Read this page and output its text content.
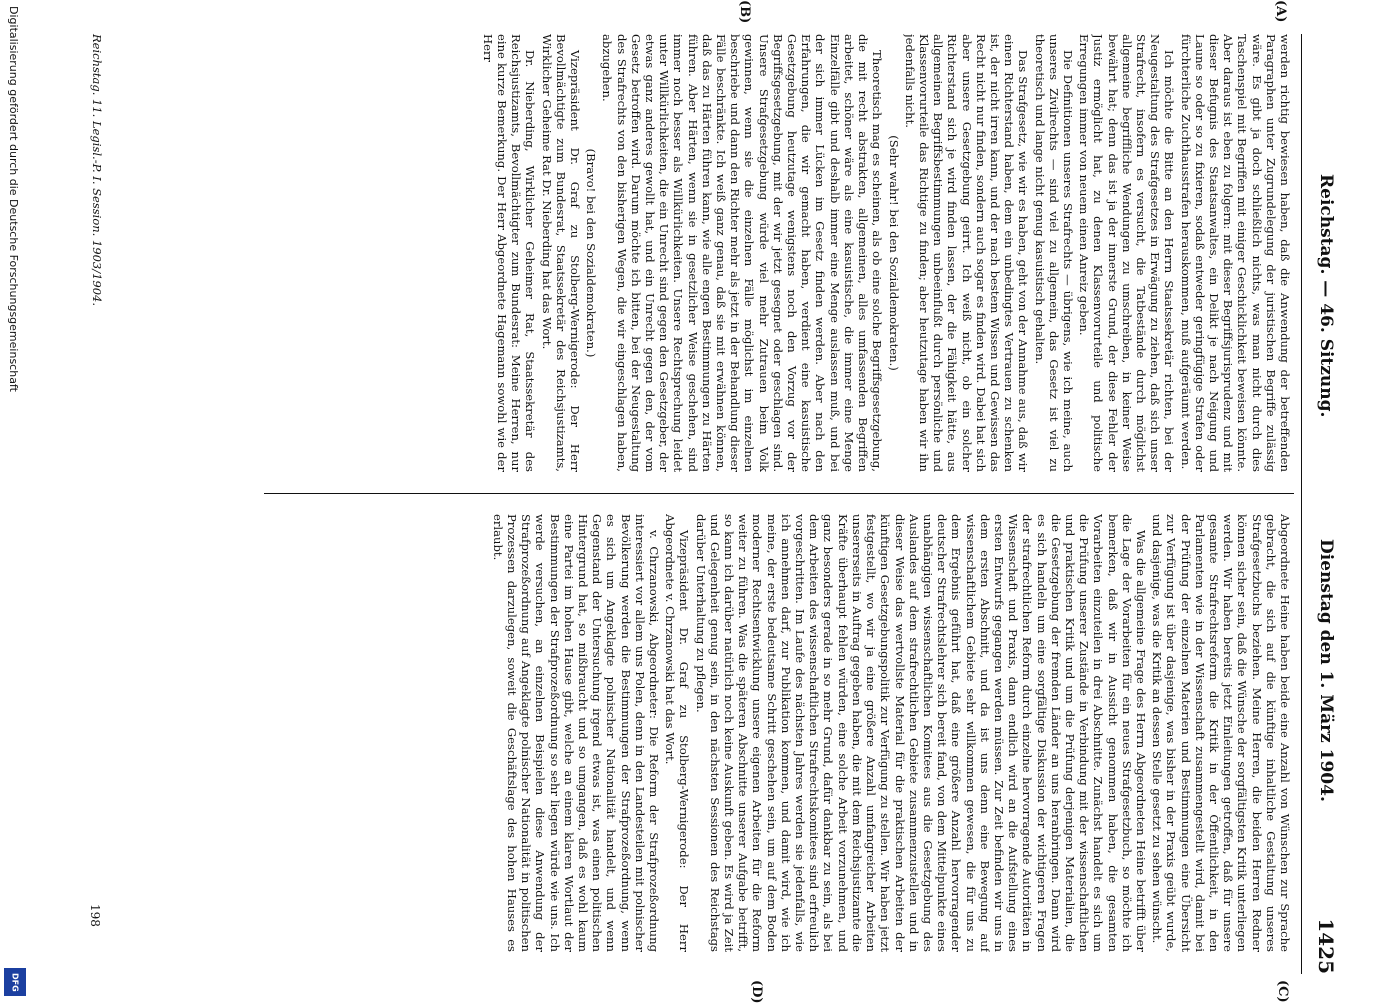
Reichstag. — 46. Sitzung.
Dienstag den 1. März 1904.
1425
(A)
(B)
(C)
(D)

werden richtig bewiesen haben, daß die Anwendung der betreffenden Paragraphen unter Zugrundelegung der juristischen Begriffe zulässig wäre. Es gibt ja doch schließlich nichts, was man nicht durch dies Taschenspiel mit Begriffen mit einiger Geschicklichkeit beweisen könnte. Aber daraus ist eben zu folgern: mit dieser Begriffsjurisprudenz und mit dieser Befugnis des Staatsanwaltes, ein Delikt je nach Neigung und Laune so oder so zu fixieren, sodaß entweder geringfügige Strafen oder fürchterliche Zuchthausstrafen herauskommen, muß aufgeräumt werden.

Ich möchte die Bitte an den Herrn Staatssekretär richten, bei der Neugestaltung des Strafgesetzes in Erwägung zu ziehen, daß sich unser Strafrecht, insofern es versucht, die Tatbestände durch möglichst allgemeine begriffliche Wendungen zu umschreiben, in keiner Weise bewährt hat; denn das ist ja der innerste Grund, der diese Fehler der Justiz ermöglicht hat, zu denen Klassenvorurteile und politische Erregungen immer von neuem einen Anreiz geben.

Die Definitionen unseres Strafrechts — übrigens, wie ich meine, auch unseres Zivilrechts — sind viel zu allgemein, das Gesetz ist viel zu theoretisch und lange nicht genug kasuistisch gehalten.

Das Strafgesetz, wie wir es haben, geht von der Annahme aus, daß wir einen Richterstand haben, dem ein unbedingtes Vertrauen zu schenken ist, der nicht irren kann, und der nach bestem Wissen und Gewissen das Recht nicht nur finden, sondern auch sogar es finden wird. Dabei hat sich aber unsere Gesetzgebung geirrt. Ich weiß nicht, ob ein solcher Richterstand sich je wird finden lassen, der die Fähigkeit hätte, aus allgemeinen Begriffsbestimmungen unbeeinflußt durch persönliche und Klassenvorurteile das Richtige zu finden; aber heutzutage haben wir ihn jedenfalls nicht.

(Sehr wahr! bei den Sozialdemokraten.)

Theoretisch mag es scheinen, als ob eine solche Begriffsgesetzgebung, die mit recht abstrakten, allgemeinen, alles umfassenden Begriffen arbeitet, schöner wäre als eine kasuistische, die immer eine Menge Einzelfälle gibt und deshalb immer eine Menge auslassen muß, und bei der sich immer Lücken im Gesetz finden werden. Aber nach den Erfahrungen, die wir gemacht haben, verdient eine kasuistische Gesetzgebung heutzutage wenigstens noch den Vorzug vor der Begriffsgesetzgebung, mit der wir jetzt gesegnet oder geschlagen sind. Unsere Strafgesetzgebung würde viel mehr Zutrauen beim Volk gewinnen, wenn sie die einzelnen Fälle möglichst im einzelnen beschriebe und dann den Richter mehr als jetzt in der Behandlung dieser Fälle beschränkte. Ich weiß ganz genau, daß sie mit erwähnen können, daß das zu Härten führen kann, wie alle engen Bestimmungen zu Härten führen. Aber Härten, wenn sie in gesetzlicher Weise geschehen, sind immer noch besser als Willkürlichkeiten. Unsere Rechtsprechung leidet unter Willkürlichkeiten, die ein Unrecht sind gegen den Gesetzgeber, der etwas ganz anderes gewollt hat, und ein Unrecht gegen den, der vom Gesetz betroffen wird. Darum möchte ich bitten, bei der Neugestaltung des Strafrechts von den bisherigen Wegen, die wir eingeschlagen haben, abzugehen.

(Bravo! bei den Sozialdemokraten.)

Vizepräsident Dr. Graf zu Stolberg-Wernigerode: Der Herr Bevollmächtigte zum Bundesrat, Staatssekretär des Reichsjustizamts, Wirklicher Geheime Rat Dr. Nieberding hat das Wort.

Dr. Nieberding, Wirklicher Geheimer Rat, Staatssekretär des Reichsjustizamts, Bevollmächtigter zum Bundesrat: Meine Herren, nur eine kurze Bemerkung. Der Herr Abgeordnete Hagemann sowohl wie der Herr

Abgeordnete Heine haben beide eine Anzahl von Wünschen zur Sprache gebracht, die sich auf die künftige inhaltliche Gestaltung unseres Strafgesetzbuchs beziehen. Meine Herren, die beiden Herren Redner können sicher sein, daß die Wünsche der sorgfältigsten Kritik unterliegen werden. Wir haben bereits jetzt Einleitungen getroffen, daß für unsere gesamte Strafrechtsreform die Kritik in der Öffentlichkeit, in den Parlamenten wie in der Wissenschaft zusammengestellt wird, damit bei der Prüfung der einzelnen Materien und Bestimmungen eine Übersicht zur Verfügung ist über dasjenige, was bisher in der Praxis geübt wurde, und dasjenige, was die Kritik an dessen Stelle gesetzt zu sehen wünscht.

Was die allgemeine Frage des Herrn Abgeordneten Heine betrifft über die Lage der Vorarbeiten für ein neues Strafgesetzbuch, so möchte ich bemerken, daß wir in Aussicht genommen haben, die gesamten Vorarbeiten einzuteilen in drei Abschnitte. Zunächst handelt es sich um die Prüfung unserer Zustände in Verbindung mit der wissenschaftlichen und praktischen Kritik und um die Prüfung derjenigen Materialien, die die Gesetzgebung der fremden Länder an uns heranbringen. Dann wird es sich handeln um eine sorgfältige Diskussion der wichtigeren Fragen der strafrechtlichen Reform durch einzelne hervorragende Autoritäten in Wissenschaft und Praxis, dann endlich wird an die Aufstellung eines ersten Entwurfs gegangen werden müssen. Zur Zeit befinden wir uns in dem ersten Abschnitt, und da ist uns denn eine Bewegung auf wissenschaftlichem Gebiete sehr willkommen gewesen, die für uns zu dem Ergebnis geführt hat, daß eine größere Anzahl hervorragender deutscher Strafrechtslehrer sich bereit fand, von dem Mittelpunkte eines unabhängigen wissenschaftlichen Komitees aus die Gesetzgebung des Auslandes auf dem strafrechtlichen Gebiete zusammenzustellen und in dieser Weise das wertvollste Material für die praktischen Arbeiten der künftigen Gesetzgebungspolitik zur Verfügung zu stellen. Wir haben jetzt festgestellt, wo wir ja eine größere Anzahl umfangreicher Arbeiten unsererseits in Auftrag gegeben haben, die mit dem Reichsjustizamte die Kräfte überhaupt fehlen würden, eine solche Arbeit vorzunehmen, und ganz besonders gerade in so mehr Grund, dafür dankbar zu sein, als bei dem Arbeiten des wissenschaftlichen Strafrechtskomitees sind erfreulich vorgeschritten. Im Laufe des nächsten Jahres werden sie jedenfalls, wie ich annehmen darf, zur Publikation kommen, und damit wird, wie ich meine, der erste bedeutsame Schritt geschehen sein, um auf dem Boden moderner Rechtsentwicklung unsere eigenen Arbeiten für die Reform weiter zu führen. Was die späteren Abschnitte unserer Aufgabe betrifft, so kann ich darüber natürlich noch keine Auskunft geben. Es wird ja Zeit und Gelegenheit genug sein, in den nächsten Sessionen des Reichstags darüber Unterhaltung zu pflegen.

Vizepräsident Dr. Graf zu Stolberg-Wernigerode: Der Herr Abgeordnete v. Chrzanowski hat das Wort.

v. Chrzanowski, Abgeordneter: Die Reform der Strafprozeßordnung interessiert vor allem uns Polen, denn in den Landesteilen mit polnischer Bevölkerung werden die Bestimmungen der Strafprozeßordnung, wenn es sich um Angeklagte polnischer Nationalität handelt, und wenn Gegenstand der Untersuchung irgend etwas ist, was einen politischen Hintergrund hat, so mißbraucht und so umgangen, daß es wohl kaum eine Partei im hohen Hause gibt, welche an einem klaren Wortlaut der Bestimmungen der Strafprozeßordnung so sehr liegen würde wie uns. Ich werde versuchen, an einzelnen Beispielen diese Anwendung der Strafprozeßordnung auf Angeklagte polnischer Nationalität in politischen Prozessen darzulegen, soweit die Geschäftslage des hohen Hauses es erlaubt.

Reichstag. 11. Legisl.-P. I. Session. 1903/1904.
198
Digitalisierung gefördert durch die Deutsche Forschungsgemeinschaft
DFG
